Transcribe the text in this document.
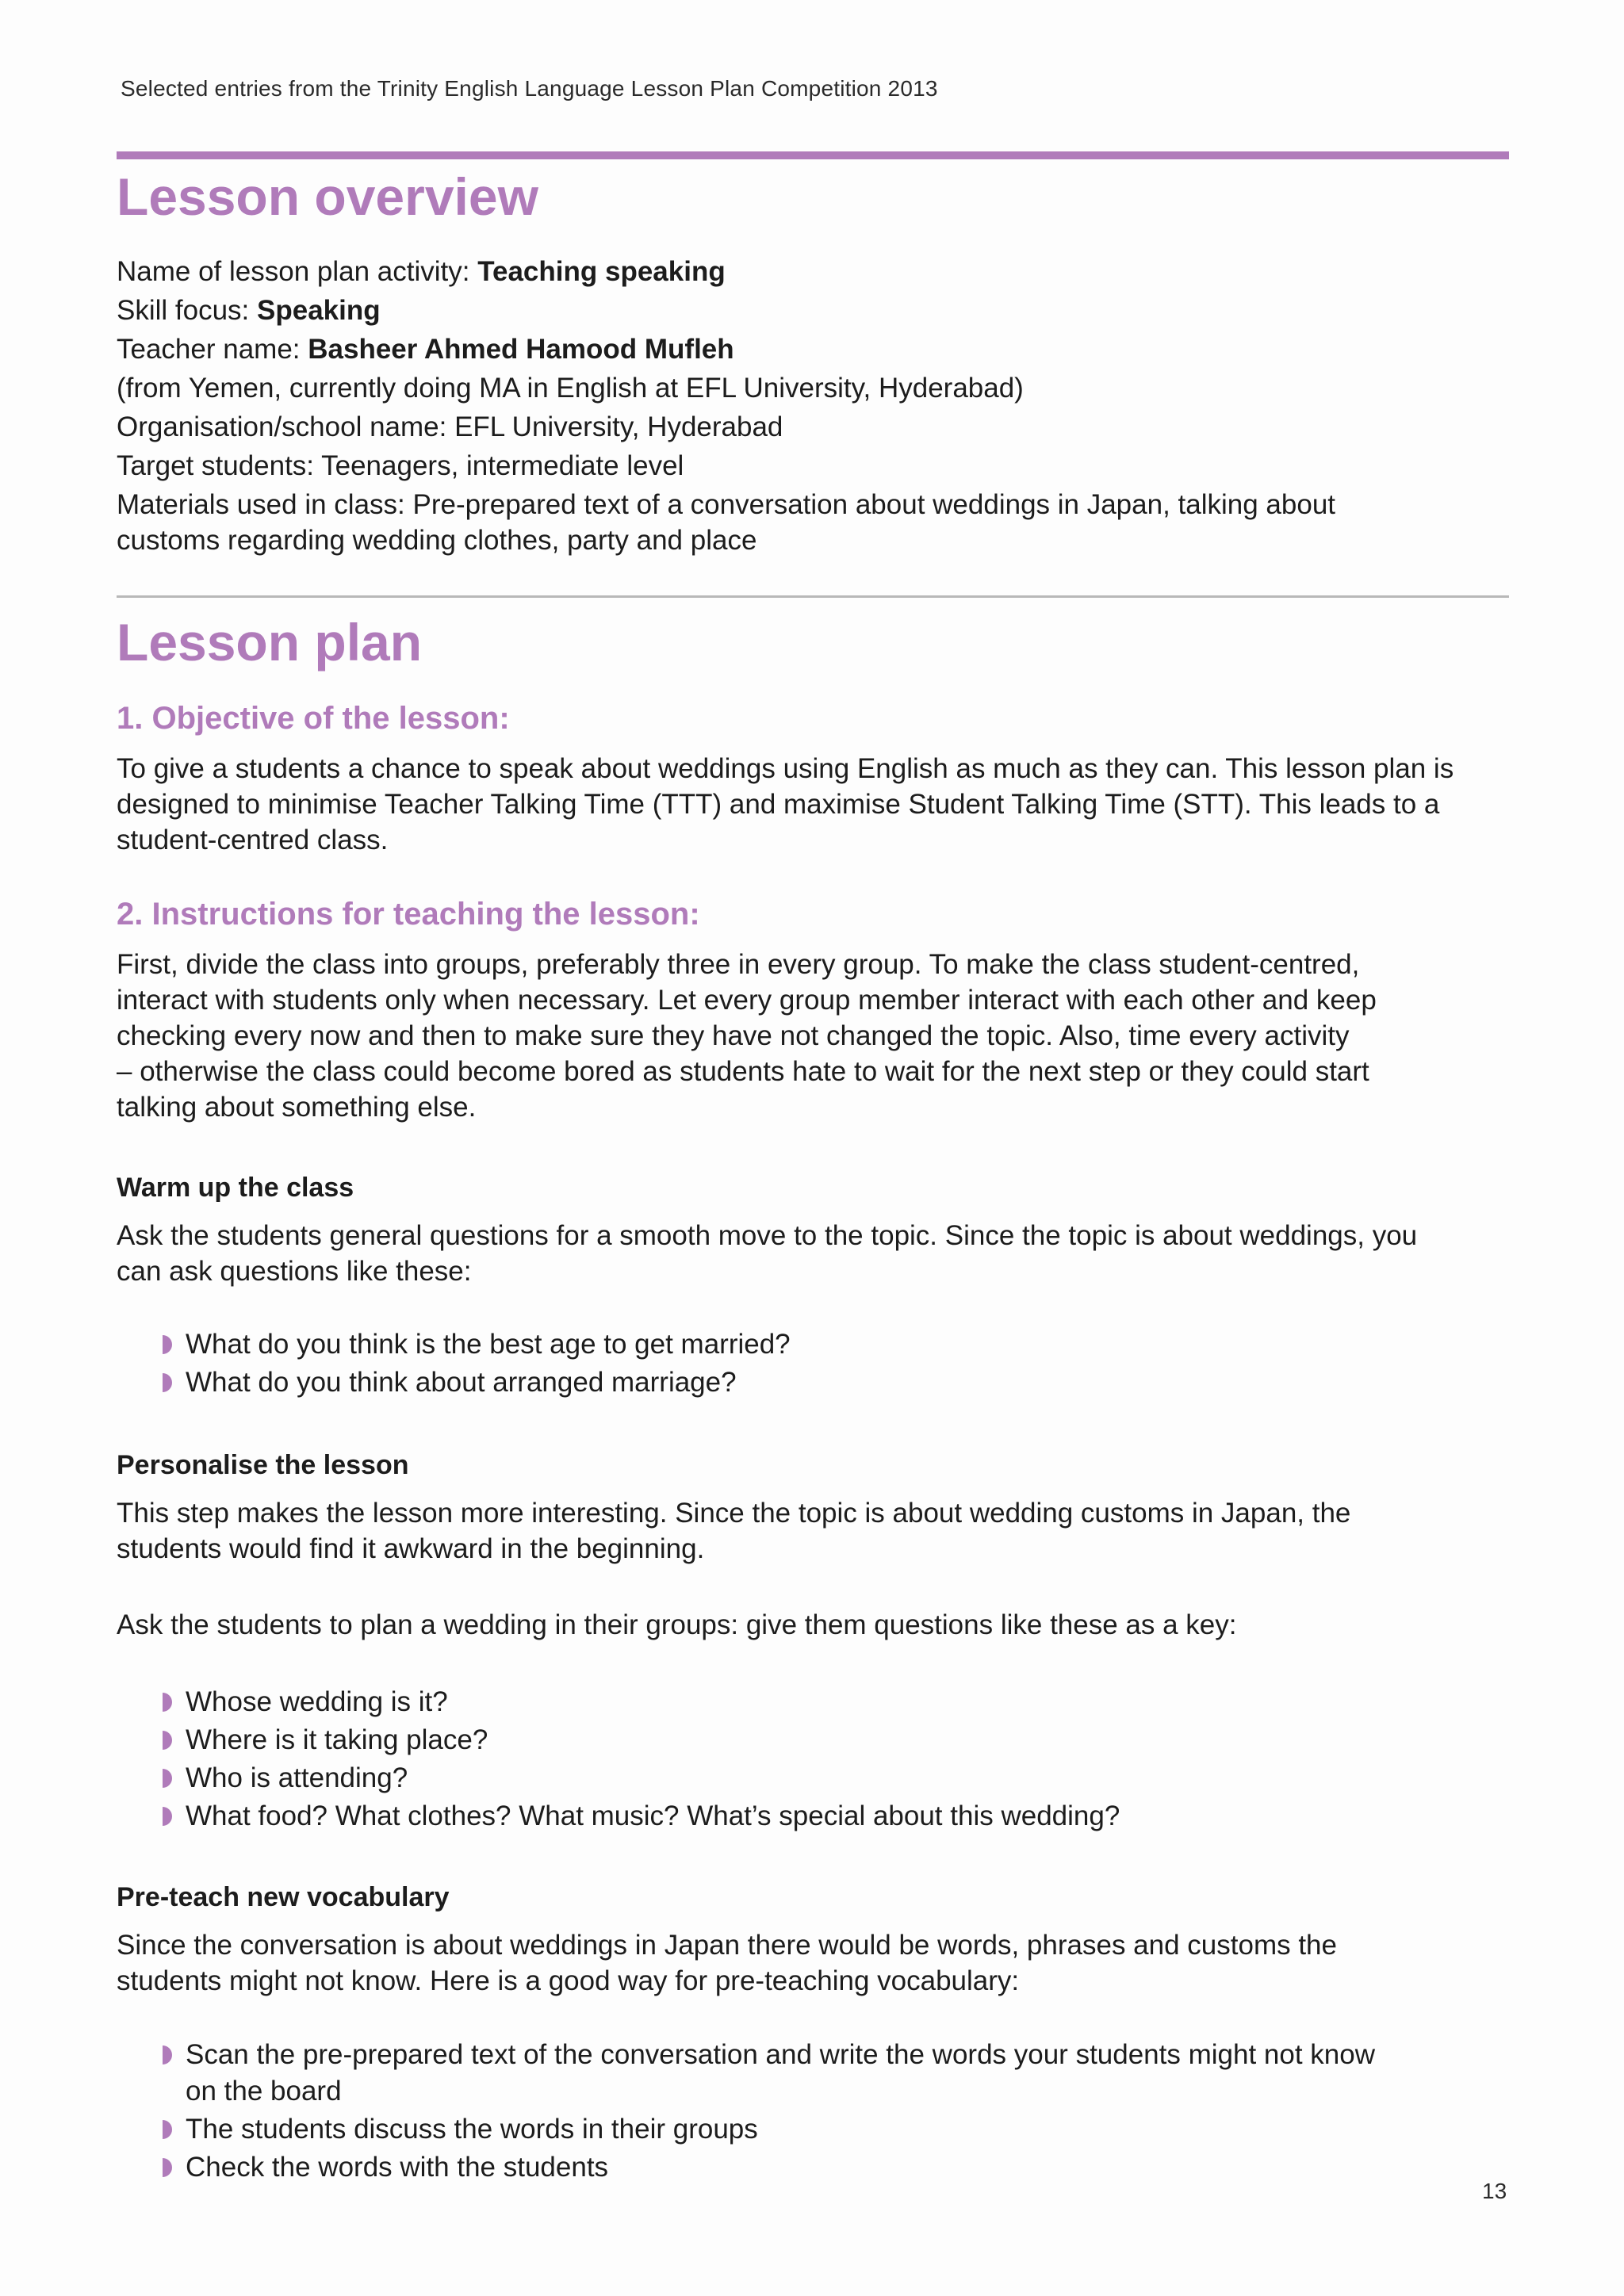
Selected entries from the Trinity English Language Lesson Plan Competition 2013
Lesson overview
Name of lesson plan activity: Teaching speaking
Skill focus: Speaking
Teacher name: Basheer Ahmed Hamood Mufleh
(from Yemen, currently doing MA in English at EFL University, Hyderabad)
Organisation/school name: EFL University, Hyderabad
Target students: Teenagers, intermediate level
Materials used in class: Pre-prepared text of a conversation about weddings in Japan, talking about
customs regarding wedding clothes, party and place
Lesson plan
1. Objective of the lesson:
To give a students a chance to speak about weddings using English as much as they can. This lesson plan is
designed to minimise Teacher Talking Time (TTT) and maximise Student Talking Time (STT). This leads to a
student-centred class.
2. Instructions for teaching the lesson:
First, divide the class into groups, preferably three in every group. To make the class student-centred,
interact with students only when necessary. Let every group member interact with each other and keep
checking every now and then to make sure they have not changed the topic. Also, time every activity
– otherwise the class could become bored as students hate to wait for the next step or they could start
talking about something else.
Warm up the class
Ask the students general questions for a smooth move to the topic. Since the topic is about weddings, you
can ask questions like these:
What do you think is the best age to get married?
What do you think about arranged marriage?
Personalise the lesson
This step makes the lesson more interesting. Since the topic is about wedding customs in Japan, the
students would find it awkward in the beginning.
Ask the students to plan a wedding in their groups: give them questions like these as a key:
Whose wedding is it?
Where is it taking place?
Who is attending?
What food? What clothes? What music? What’s special about this wedding?
Pre-teach new vocabulary
Since the conversation is about weddings in Japan there would be words, phrases and customs the
students might not know. Here is a good way for pre-teaching vocabulary:
Scan the pre-prepared text of the conversation and write the words your students might not know
on the board
The students discuss the words in their groups
Check the words with the students
13
